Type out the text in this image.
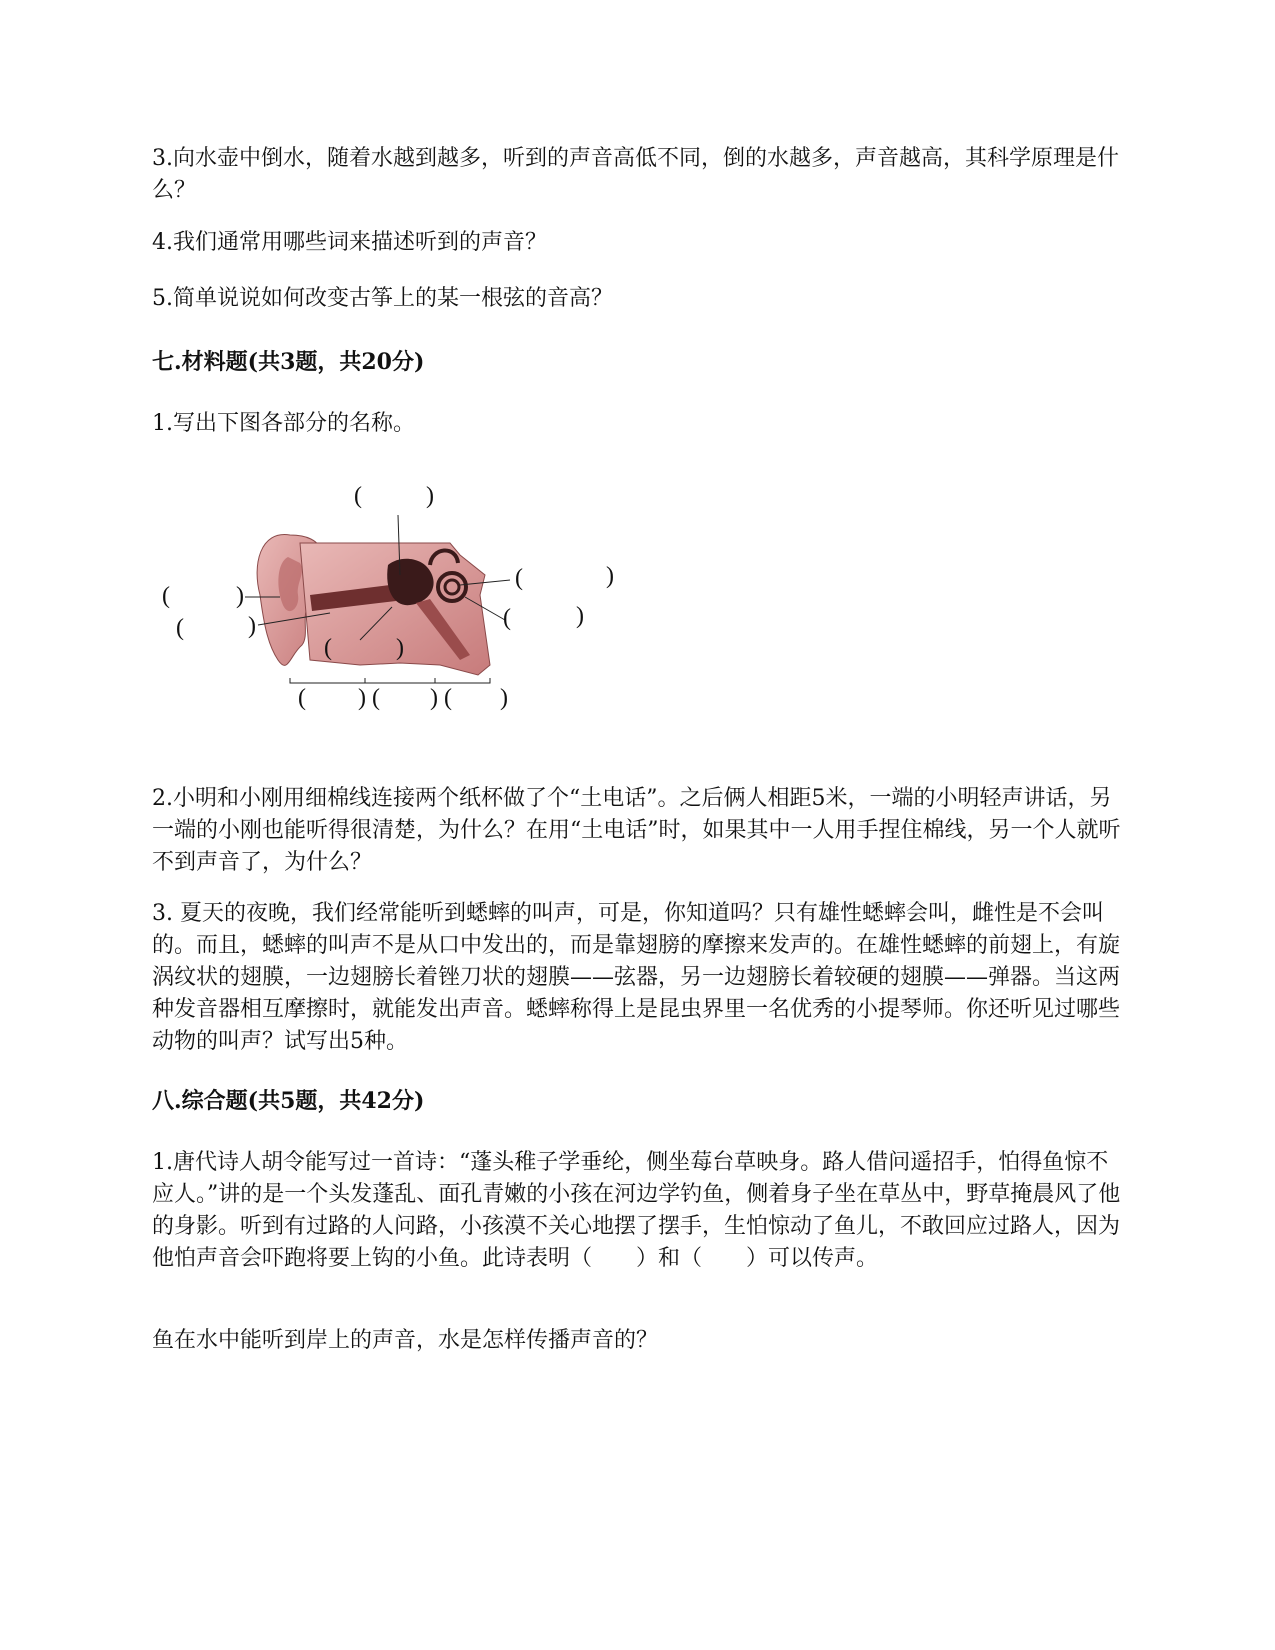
3.向水壶中倒水，随着水越到越多，听到的声音高低不同，倒的水越多，声音越高，其科学原理是什么？

4.我们通常用哪些词来描述听到的声音？

5.简单说说如何改变古筝上的某一根弦的音高？

七.材料题(共3题，共20分)

1.写出下图各部分的名称。

(	)
(	)
(	)
(	)
(	)
(	)
( ) ( ) ( )

2.小明和小刚用细棉线连接两个纸杯做了个“土电话”。之后俩人相距5米，一端的小明轻声讲话，另一端的小刚也能听得很清楚，为什么？在用“土电话”时，如果其中一人用手捏住棉线，另一个人就听不到声音了，为什么？

3. 夏天的夜晚，我们经常能听到蟋蟀的叫声，可是，你知道吗？只有雄性蟋蟀会叫，雌性是不会叫的。而且，蟋蟀的叫声不是从口中发出的，而是靠翅膀的摩擦来发声的。在雄性蟋蟀的前翅上，有旋涡纹状的翅膜，一边翅膀长着锉刀状的翅膜——弦器，另一边翅膀长着较硬的翅膜——弹器。当这两种发音器相互摩擦时，就能发出声音。蟋蟀称得上是昆虫界里一名优秀的小提琴师。你还听见过哪些动物的叫声？试写出5种。

八.综合题(共5题，共42分)

1.唐代诗人胡令能写过一首诗：“蓬头稚子学垂纶，侧坐莓台草映身。路人借问遥招手，怕得鱼惊不应人。”讲的是一个头发蓬乱、面孔青嫩的小孩在河边学钓鱼，侧着身子坐在草丛中，野草掩晨风了他的身影。听到有过路的人问路，小孩漠不关心地摆了摆手，生怕惊动了鱼儿，不敢回应过路人，因为他怕声音会吓跑将要上钩的小鱼。此诗表明（　　）和（　　）可以传声。

鱼在水中能听到岸上的声音，水是怎样传播声音的？
